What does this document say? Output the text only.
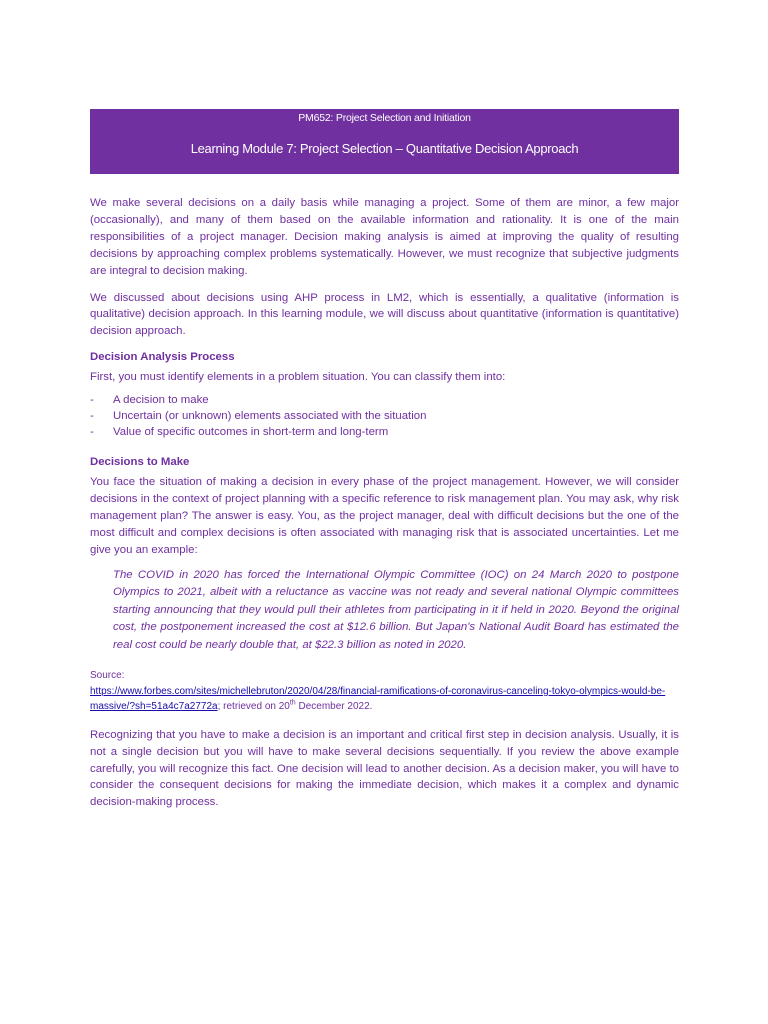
PM652: Project Selection and Initiation
Learning Module 7: Project Selection – Quantitative Decision Approach

We make several decisions on a daily basis while managing a project. Some of them are minor, a few major (occasionally), and many of them based on the available information and rationality. It is one of the main responsibilities of a project manager. Decision making analysis is aimed at improving the quality of resulting decisions by approaching complex problems systematically. However, we must recognize that subjective judgments are integral to decision making.

We discussed about decisions using AHP process in LM2, which is essentially, a qualitative (information is qualitative) decision approach. In this learning module, we will discuss about quantitative (information is quantitative) decision approach.

Decision Analysis Process

First, you must identify elements in a problem situation. You can classify them into:

- A decision to make
- Uncertain (or unknown) elements associated with the situation
- Value of specific outcomes in short-term and long-term
Decisions to Make

You face the situation of making a decision in every phase of the project management. However, we will consider decisions in the context of project planning with a specific reference to risk management plan. You may ask, why risk management plan? The answer is easy. You, as the project manager, deal with difficult decisions but the one of the most difficult and complex decisions is often associated with managing risk that is associated uncertainties. Let me give you an example:

The COVID in 2020 has forced the International Olympic Committee (IOC) on 24 March 2020 to postpone Olympics to 2021, albeit with a reluctance as vaccine was not ready and several national Olympic committees starting announcing that they would pull their athletes from participating in it if held in 2020. Beyond the original cost, the postponement increased the cost at $12.6 billion. But Japan's National Audit Board has estimated the real cost could be nearly double that, at $22.3 billion as noted in 2020.

Source:
https://www.forbes.com/sites/michellebruton/2020/04/28/financial-ramifications-of-coronavirus-canceling-tokyo-olympics-would-be-massive/?sh=51a4c7a2772a; retrieved on 20th December 2022.

Recognizing that you have to make a decision is an important and critical first step in decision analysis. Usually, it is not a single decision but you will have to make several decisions sequentially. If you review the above example carefully, you will recognize this fact. One decision will lead to another decision. As a decision maker, you will have to consider the consequent decisions for making the immediate decision, which makes it a complex and dynamic decision-making process.
